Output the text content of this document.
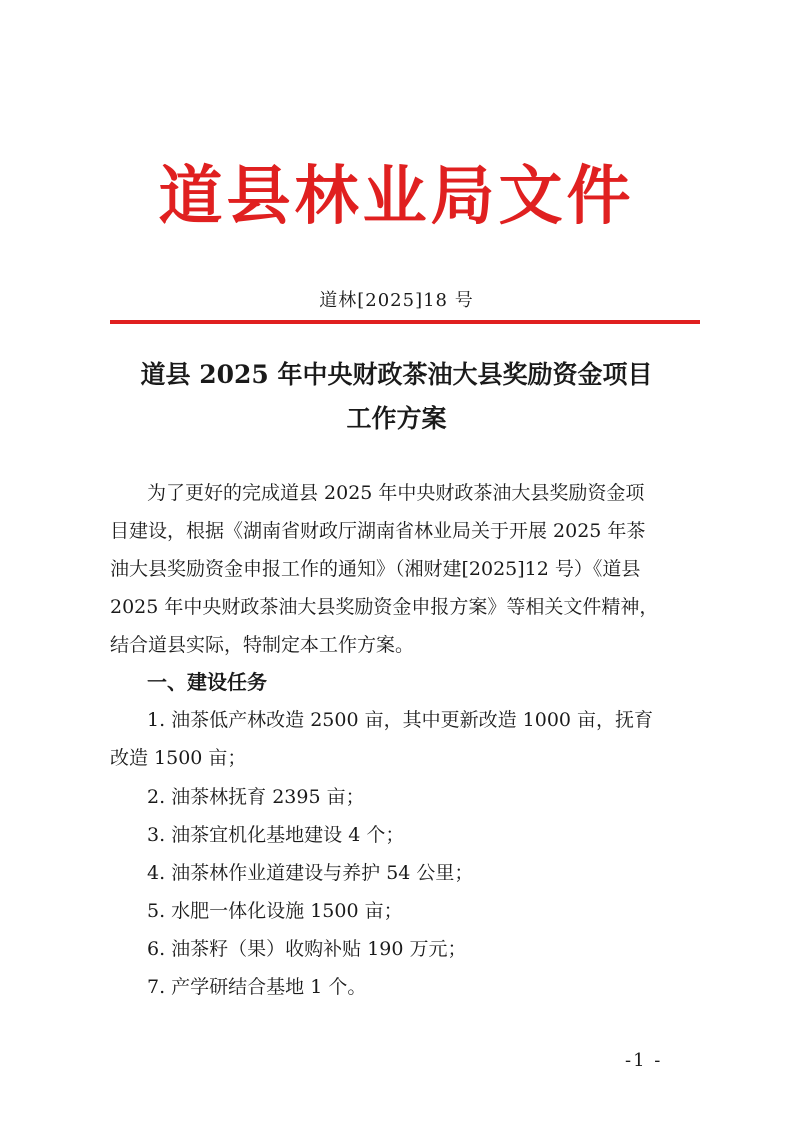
道县林业局文件
道林[2025]18 号
道县 2025 年中央财政茶油大县奖励资金项目
工作方案
为了更好的完成道县 2025 年中央财政茶油大县奖励资金项
目建设，根据《湖南省财政厅湖南省林业局关于开展 2025 年茶
油大县奖励资金申报工作的通知》（湘财建[2025]12 号）《道县
2025 年中央财政茶油大县奖励资金申报方案》等相关文件精神，
结合道县实际，特制定本工作方案。
一、建设任务
1. 油茶低产林改造 2500 亩，其中更新改造 1000 亩，抚育
改造 1500 亩；
2. 油茶林抚育 2395 亩；
3. 油茶宜机化基地建设 4 个；
4. 油茶林作业道建设与养护 54 公里；
5. 水肥一体化设施 1500 亩；
6. 油茶籽（果）收购补贴 190 万元；
7. 产学研结合基地 1 个。
-1 -
